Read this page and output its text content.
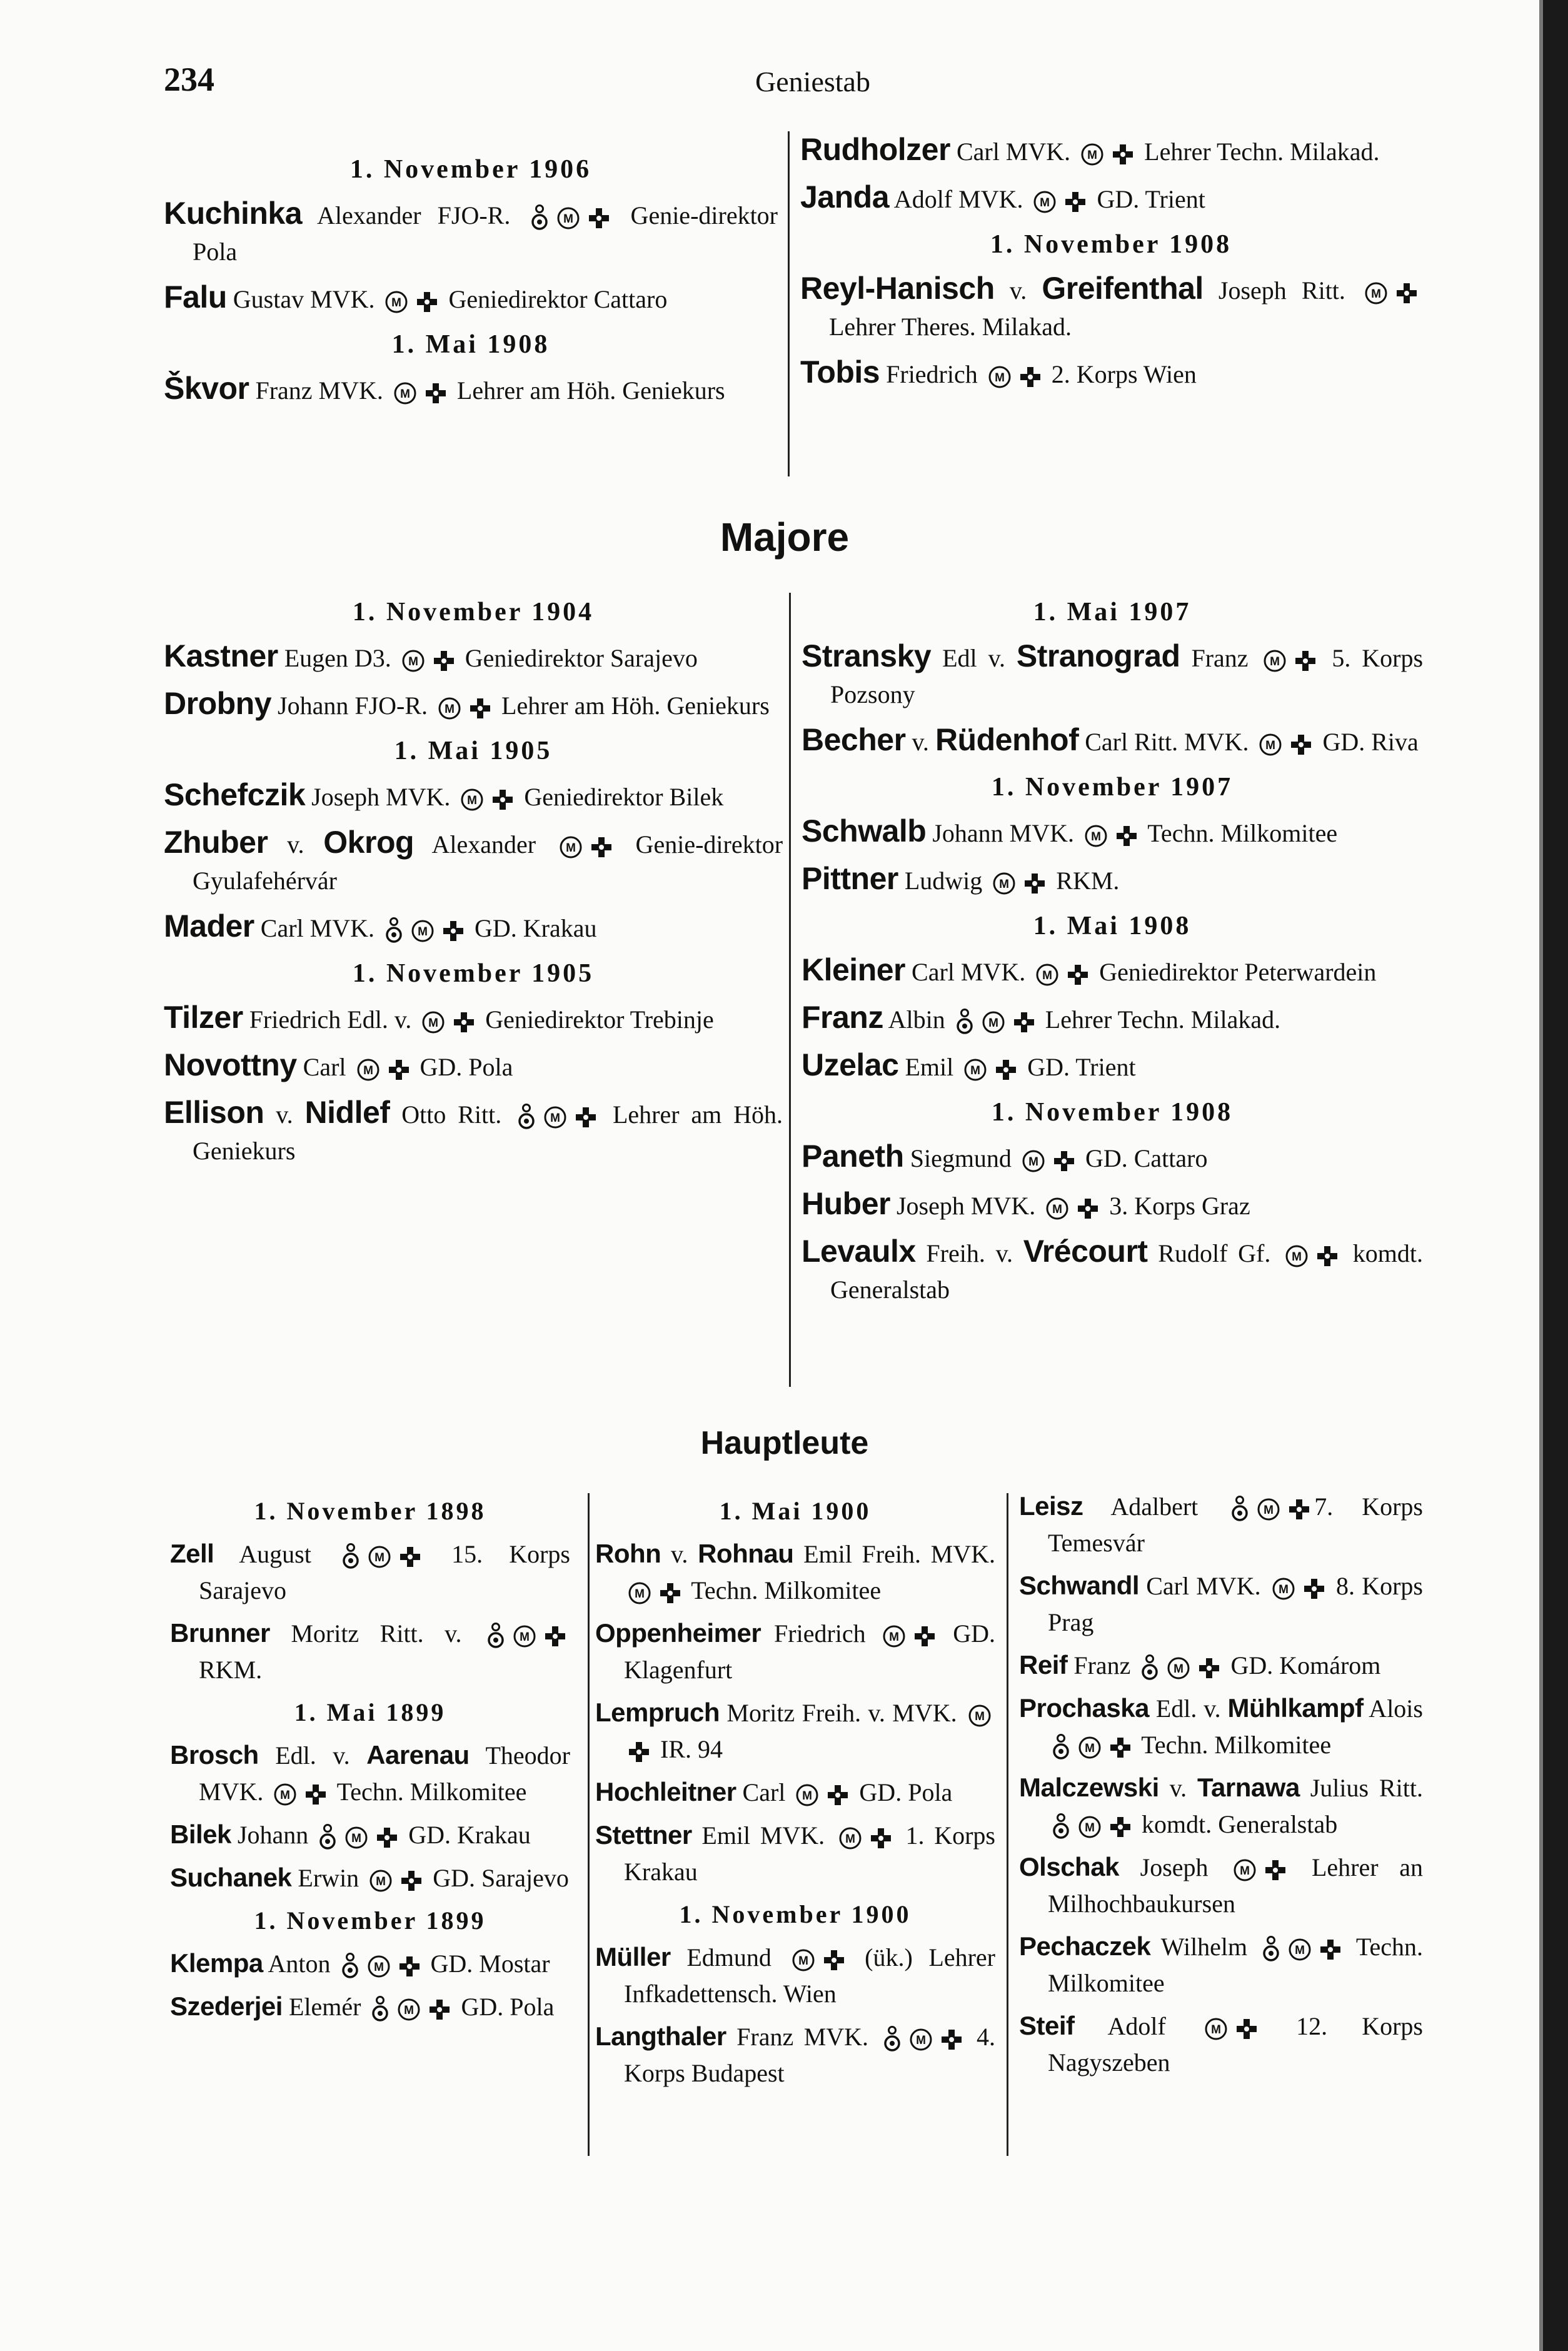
234	Geniestab
1. November 1906
Kuchinka Alexander FJO-R.	M Genie-direktor Pola
Falu Gustav MVK. M Geniedirektor Cattaro
1. Mai 1908
Škvor Franz MVK. M Lehrer am Höh. Geniekurs
Rudholzer Carl MVK. M Lehrer Techn. Milakad.
Janda Adolf MVK. M GD. Trient
1. November 1908
Reyl-Hanisch v. Greifenthal Joseph Ritt. M
Lehrer Theres. Milakad.
Tobis Friedrich M 2. Korps Wien
Majore
1. November 1904
Kastner Eugen D3. M Geniedirektor Sarajevo
Drobny Johann FJO-R. M Lehrer am Höh. Geniekurs
1. Mai 1905
Schefczik Joseph MVK. M Geniedirektor Bilek
Zhuber v. Okrog Alexander M Genie-direktor Gyulafehérvár
Mader Carl MVK.	M GD. Krakau
1. November 1905
Tilzer Friedrich Edl. v. M Geniedirektor Trebinje
Novottny Carl M GD. Pola
Ellison v. Nidlef Otto Ritt.	M Lehrer am Höh. Geniekurs
1. Mai 1907
Stransky Edl v. Stranograd Franz M 5. Korps Pozsony
Becher v. Rüdenhof Carl Ritt. MVK. M GD. Riva
1. November 1907
Schwalb Johann MVK. M Techn. Milkomitee
Pittner Ludwig M RKM.
1. Mai 1908
Kleiner Carl MVK. M Geniedirektor Peterwardein
Franz Albin	M Lehrer Techn. Milakad.
Uzelac Emil M GD. Trient
1. November 1908
Paneth Siegmund M GD. Cattaro
Huber Joseph MVK. M 3. Korps Graz
Levaulx Freih. v. Vrécourt Rudolf Gf. M komdt. Generalstab
Hauptleute
1. November 1898
Zell August	M 15. Korps Sarajevo
Brunner Moritz Ritt. v.	M
RKM.
1. Mai 1899
Brosch Edl. v. Aarenau Theodor MVK. M Techn. Milkomitee
Bilek Johann	M GD. Krakau
Suchanek Erwin M GD. Sarajevo
1. November 1899
Klempa Anton	M GD. Mostar
Szederjei Elemér	M GD. Pola
1. Mai 1900
Rohn v. Rohnau Emil Freih. MVK.
M Techn. Milkomitee
Oppenheimer Friedrich M GD. Klagenfurt
Lempruch Moritz Freih. v. MVK. M
IR. 94
Hochleitner Carl M GD. Pola
Stettner Emil MVK. M 1. Korps Krakau
1. November 1900
Müller Edmund M (ük.) Lehrer Infkadettensch. Wien
Langthaler Franz MVK.	M 4. Korps Budapest
Leisz Adalbert	M 7. Korps Temesvár
Schwandl Carl MVK. M 8. Korps Prag
Reif Franz	M GD. Komárom
Prochaska Edl. v. Mühlkampf Alois
M Techn. Milkomitee
Malczewski v. Tarnawa Julius Ritt.
M komdt. Generalstab
Olschak Joseph M Lehrer an Milhochbaukursen
Pechaczek Wilhelm	M Techn. Milkomitee
Steif Adolf M 12. Korps Nagyszeben
